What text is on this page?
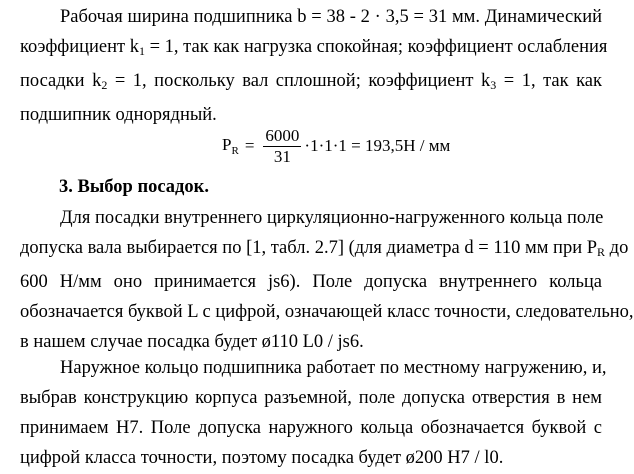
Рабочая ширина подшипника b = 38 - 2 · 3,5 = 31 мм. Динамический
коэффициент $k_1 = 1$, так как нагрузка спокойная; коэффициент ослабления
посадки $k_2 = 1$, поскольку вал сплошной; коэффициент $k_3 = 1$, так как
подшипник однорядный.
$P_R = \frac{6000}{31} \cdot 1\cdot 1\cdot 1 = 193,5Н$ / мм
3. Выбор посадок.
Для посадки внутреннего циркуляционно-нагруженного кольца поле
допуска вала выбирается по [1, табл. 2.7] (для диаметра d = 110 мм при $P_R$ до
600 Н/мм оно принимается js6). Поле допуска внутреннего кольца
обозначается буквой L с цифрой, означающей класс точности, следовательно,
в нашем случае посадка будет ø110 L0 / js6.
Наружное кольцо подшипника работает по местному нагружению, и,
выбрав конструкцию корпуса разъемной, поле допуска отверстия в нем
принимаем Н7. Поле допуска наружного кольца обозначается буквой с
цифрой класса точности, поэтому посадка будет ø200 Н7 / l0.
